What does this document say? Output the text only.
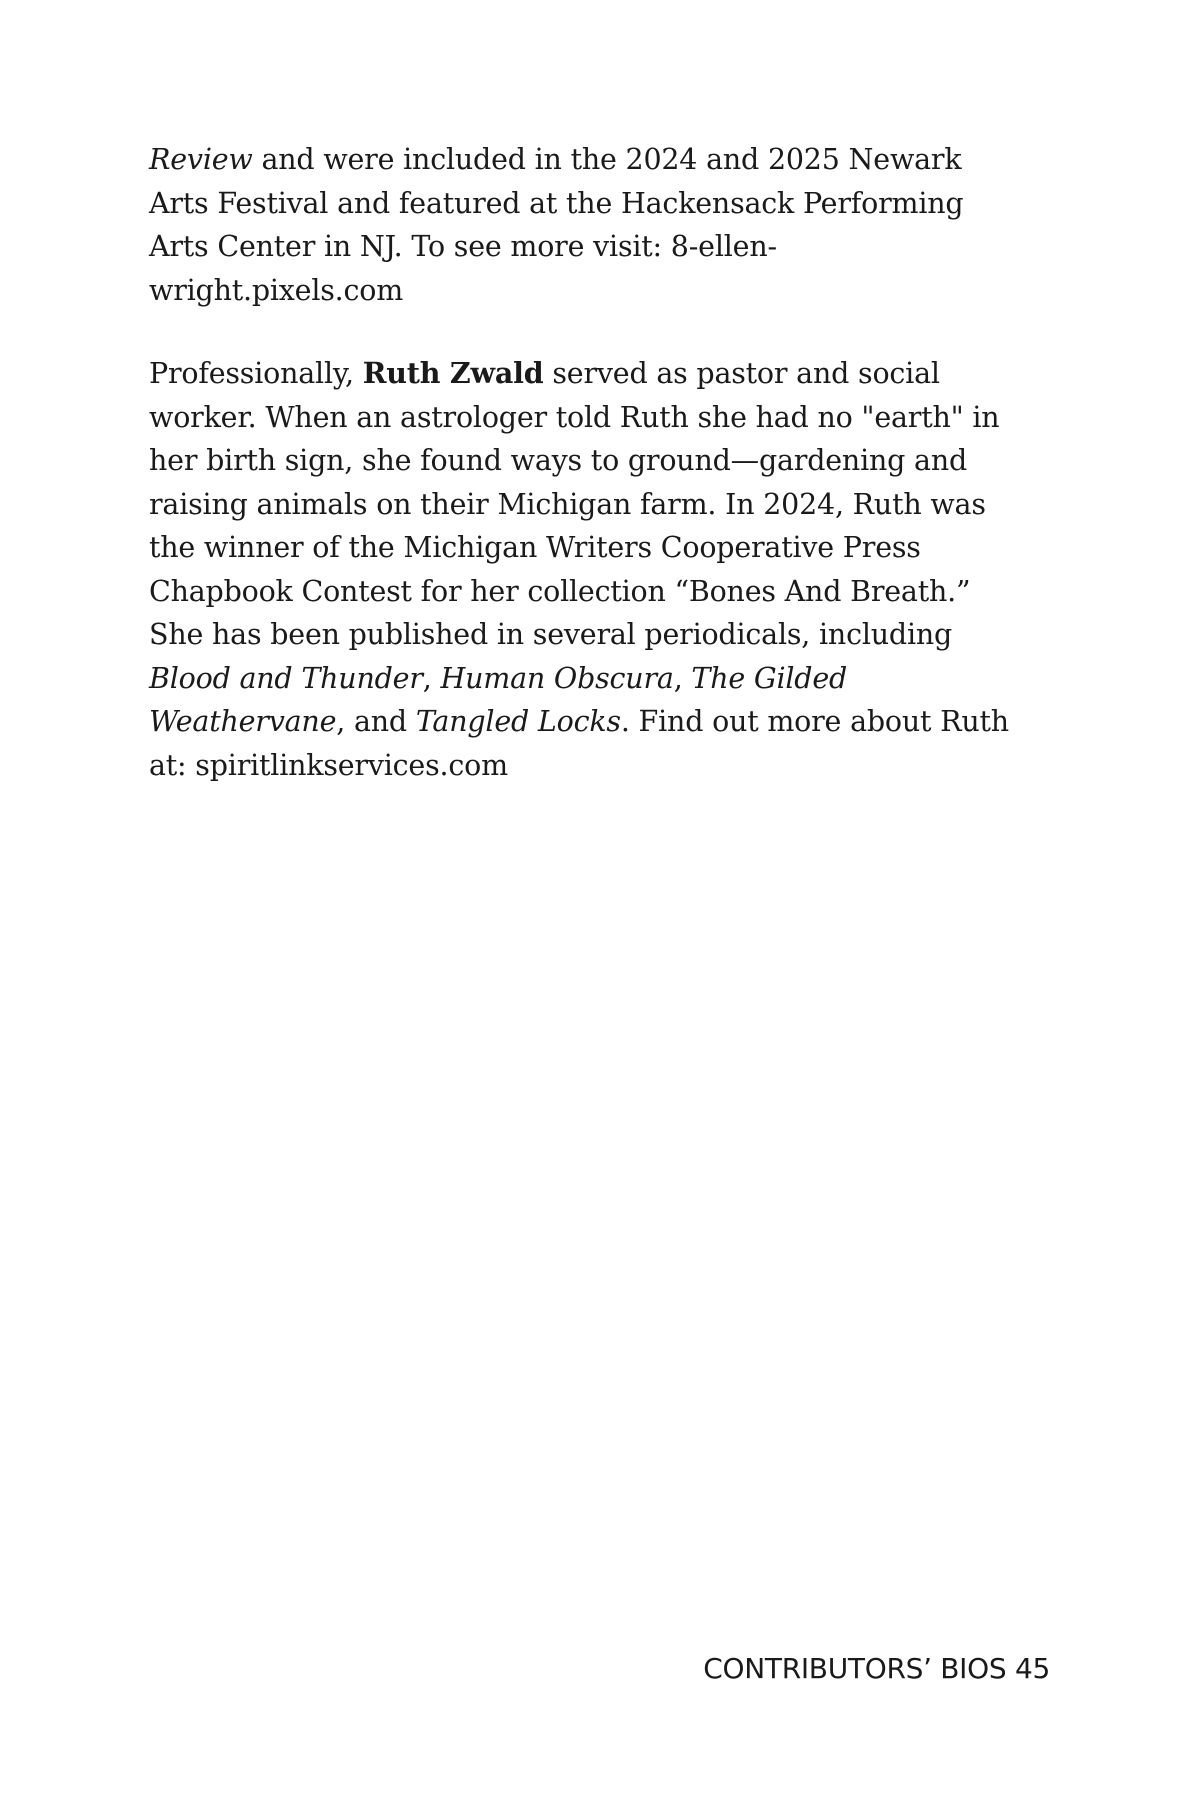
Review and were included in the 2024 and 2025 Newark
Arts Festival and featured at the Hackensack Performing
Arts Center in NJ. To see more visit: 8-ellen-
wright.pixels.com
Professionally, Ruth Zwald served as pastor and social
worker. When an astrologer told Ruth she had no "earth" in
her birth sign, she found ways to ground—gardening and
raising animals on their Michigan farm. In 2024, Ruth was
the winner of the Michigan Writers Cooperative Press
Chapbook Contest for her collection “Bones And Breath.”
She has been published in several periodicals, including
Blood and Thunder, Human Obscura, The Gilded
Weathervane, and Tangled Locks. Find out more about Ruth
at: spiritlinkservices.com
CONTRIBUTORS’ BIOS 45
